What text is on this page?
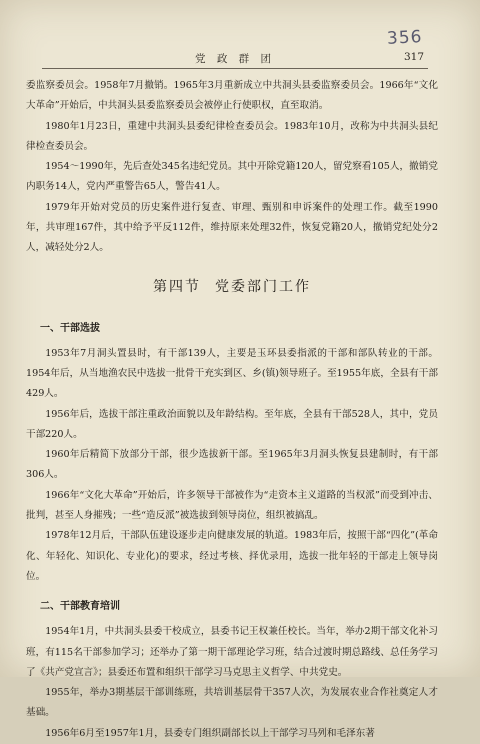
356
党 政 群 团	317

委监察委员会。1958年7月撤销。1965年3月重新成立中共洞头县委监察委员会。1966年“文化大革命”开始后，中共洞头县委监察委员会被停止行使职权，直至取消。

1980年1月23日，重建中共洞头县委纪律检查委员会。1983年10月，改称为中共洞头县纪律检查委员会。

1954～1990年，先后查处345名违纪党员。其中开除党籍120人，留党察看105人，撤销党内职务14人，党内严重警告65人，警告41人。

1979年开始对党员的历史案件进行复查、审理、甄别和申诉案件的处理工作。截至1990年，共审理167件，其中给予平反112件，维持原来处理32件，恢复党籍20人，撤销党纪处分2人，减轻处分2人。

第四节 党委部门工作
一、干部选拔

1953年7月洞头置县时，有干部139人，主要是玉环县委指派的干部和部队转业的干部。1954年后，从当地渔农民中选拔一批骨干充实到区、乡(镇)领导班子。至1955年底，全县有干部429人。

1956年后，选拔干部注重政治面貌以及年龄结构。至年底，全县有干部528人，其中，党员干部220人。

1960年后精简下放部分干部，很少选拔新干部。至1965年3月洞头恢复县建制时，有干部306人。

1966年“文化大革命”开始后，许多领导干部被作为“走资本主义道路的当权派”而受到冲击、批判，甚至人身摧残；一些“造反派”被选拔到领导岗位，组织被搞乱。

1978年12月后，干部队伍建设逐步走向健康发展的轨道。1983年后，按照干部“四化”(革命化、年轻化、知识化、专业化)的要求，经过考核、择优录用，选拔一批年轻的干部走上领导岗位。

二、干部教育培训

1954年1月，中共洞头县委干校成立，县委书记王权兼任校长。当年，举办2期干部文化补习班，有115名干部参加学习；还举办了第一期干部理论学习班，结合过渡时期总路线、总任务学习了《共产党宣言》；县委还布置和组织干部学习马克思主义哲学、中共党史。

1955年，举办3期基层干部训练班，共培训基层骨干357人次，为发展农业合作社奠定人才基础。

1956年6月至1957年1月，县委专门组织副部长以上干部学习马列和毛泽东著
